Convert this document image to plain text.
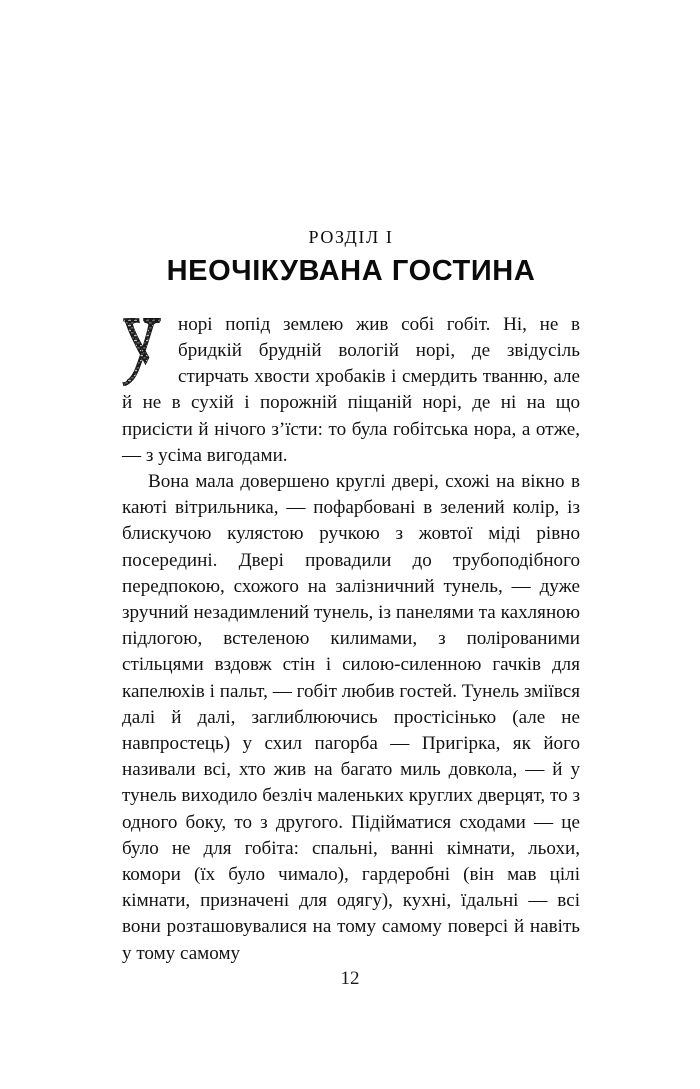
РОЗДІЛ I
НЕОЧІКУВАНА ГОСТИНА

норі попід землею жив собі гобіт. Ні, не в бридкій брудній вологій норі, де звідусіль стирчать хвости хробаків і смердить тванню, але й не в сухій і порожній піщаній норі, де ні на що присісти й нічого з’їсти: то була гобітська нора, а отже, — з усіма вигодами.

Вона мала довершено круглі двері, схожі на вікно в каюті вітрильника, — пофарбовані в зелений колір, із блискучою кулястою ручкою з жовтої міді рівно посередині. Двері провадили до трубоподібного передпокою, схожого на залізничний тунель, — дуже зручний незадимлений тунель, із панелями та кахляною підлогою, встеленою килимами, з полірованими стільцями вздовж стін і силою-силенною гачків для капелюхів і пальт, — гобіт любив гостей. Тунель зміївся далі й далі, заглиблюючись простісінько (але не навпростець) у схил пагорба — Пригірка, як його називали всі, хто жив на багато миль довкола, — й у тунель виходило безліч маленьких круглих дверцят, то з одного боку, то з другого. Підійматися сходами — це було не для гобіта: спальні, ванні кімнати, льохи, комори (їх було чимало), гардеробні (він мав цілі кімнати, призначені для одягу), кухні, їдальні — всі вони розташовувалися на тому самому поверсі й навіть у тому самому

12
